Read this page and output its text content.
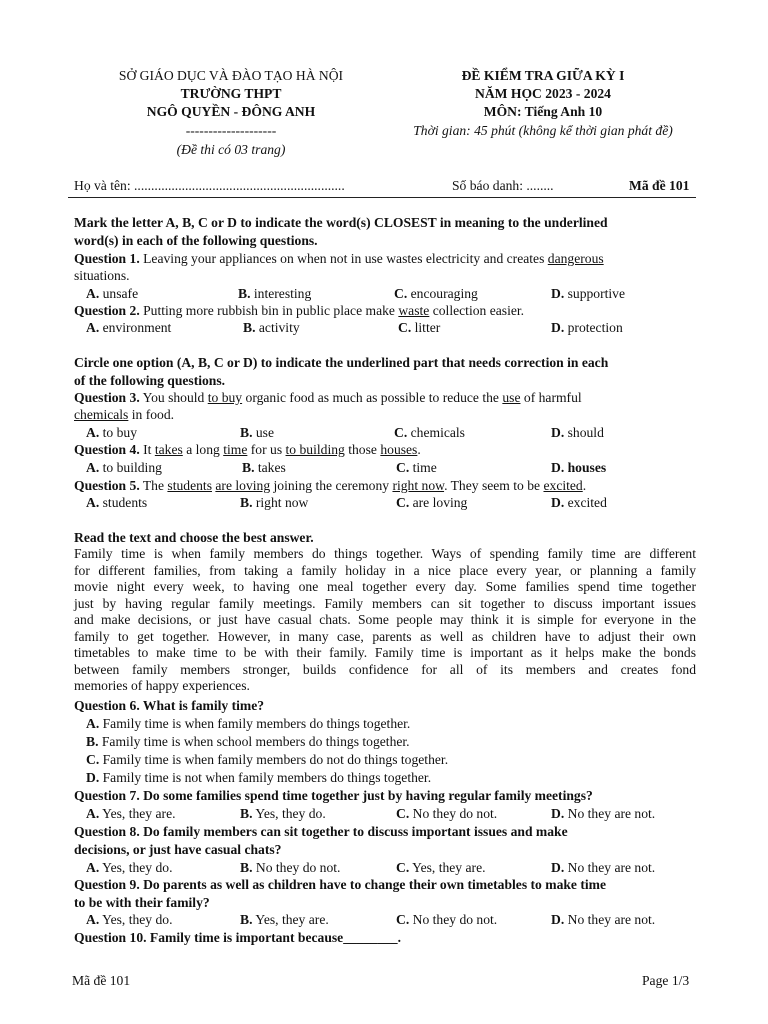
SỞ GIÁO DỤC VÀ ĐÀO TẠO HÀ NỘI
TRƯỜNG THPT
NGÔ QUYỀN - ĐÔNG ANH
--------------------
(Đề thi có 03 trang)
ĐỀ KIỂM TRA GIỮA KỲ I
NĂM HỌC 2023 - 2024
MÔN: Tiếng Anh 10
Thời gian: 45 phút (không kể thời gian phát đề)
Họ và tên: ..............................................................	Số báo danh: ........	Mã đề 101
Mark the letter A, B, C or D to indicate the word(s) CLOSEST in meaning to the underlined
word(s) in each of the following questions.
Question 1. Leaving your appliances on when not in use wastes electricity and creates dangerous
situations.
A. unsafe	B. interesting	C. encouraging	D. supportive
Question 2. Putting more rubbish bin in public place make waste collection easier.
A. environment	B. activity	C. litter	D. protection
Circle one option (A, B, C or D) to indicate the underlined part that needs correction in each
of the following questions.
Question 3. You should to buy organic food as much as possible to reduce the use of harmful
chemicals in food.
A. to buy	B. use	C. chemicals	D. should
Question 4. It takes a long time for us to building those houses.
A. to building	B. takes	C. time	D. houses
Question 5. The students are loving joining the ceremony right now. They seem to be excited.
A. students	B. right now	C. are loving	D. excited
Read the text and choose the best answer.
Family time is when family members do things together. Ways of spending family time are different
for different families, from taking a family holiday in a nice place every year, or planning a family
movie night every week, to having one meal together every day. Some families spend time together
just by having regular family meetings. Family members can sit together to discuss important issues
and make decisions, or just have casual chats. Some people may think it is simple for everyone in the
family to get together. However, in many case, parents as well as children have to adjust their own
timetables to make time to be with their family. Family time is important as it helps make the bonds
between family members stronger, builds confidence for all of its members and creates fond
memories of happy experiences.
Question 6. What is family time?
A. Family time is when family members do things together.
B. Family time is when school members do things together.
C. Family time is when family members do not do things together.
D. Family time is not when family members do things together.
Question 7. Do some families spend time together just by having regular family meetings?
A. Yes, they are.	B. Yes, they do.	C. No they do not.	D. No they are not.
Question 8. Do family members can sit together to discuss important issues and make
decisions, or just have casual chats?
A. Yes, they do.	B. No they do not.	C. Yes, they are.	D. No they are not.
Question 9. Do parents as well as children have to change their own timetables to make time
to be with their family?
A. Yes, they do.	B. Yes, they are.	C. No they do not.	D. No they are not.
Question 10. Family time is important because________.
Mã đề 101	Page 1/3
